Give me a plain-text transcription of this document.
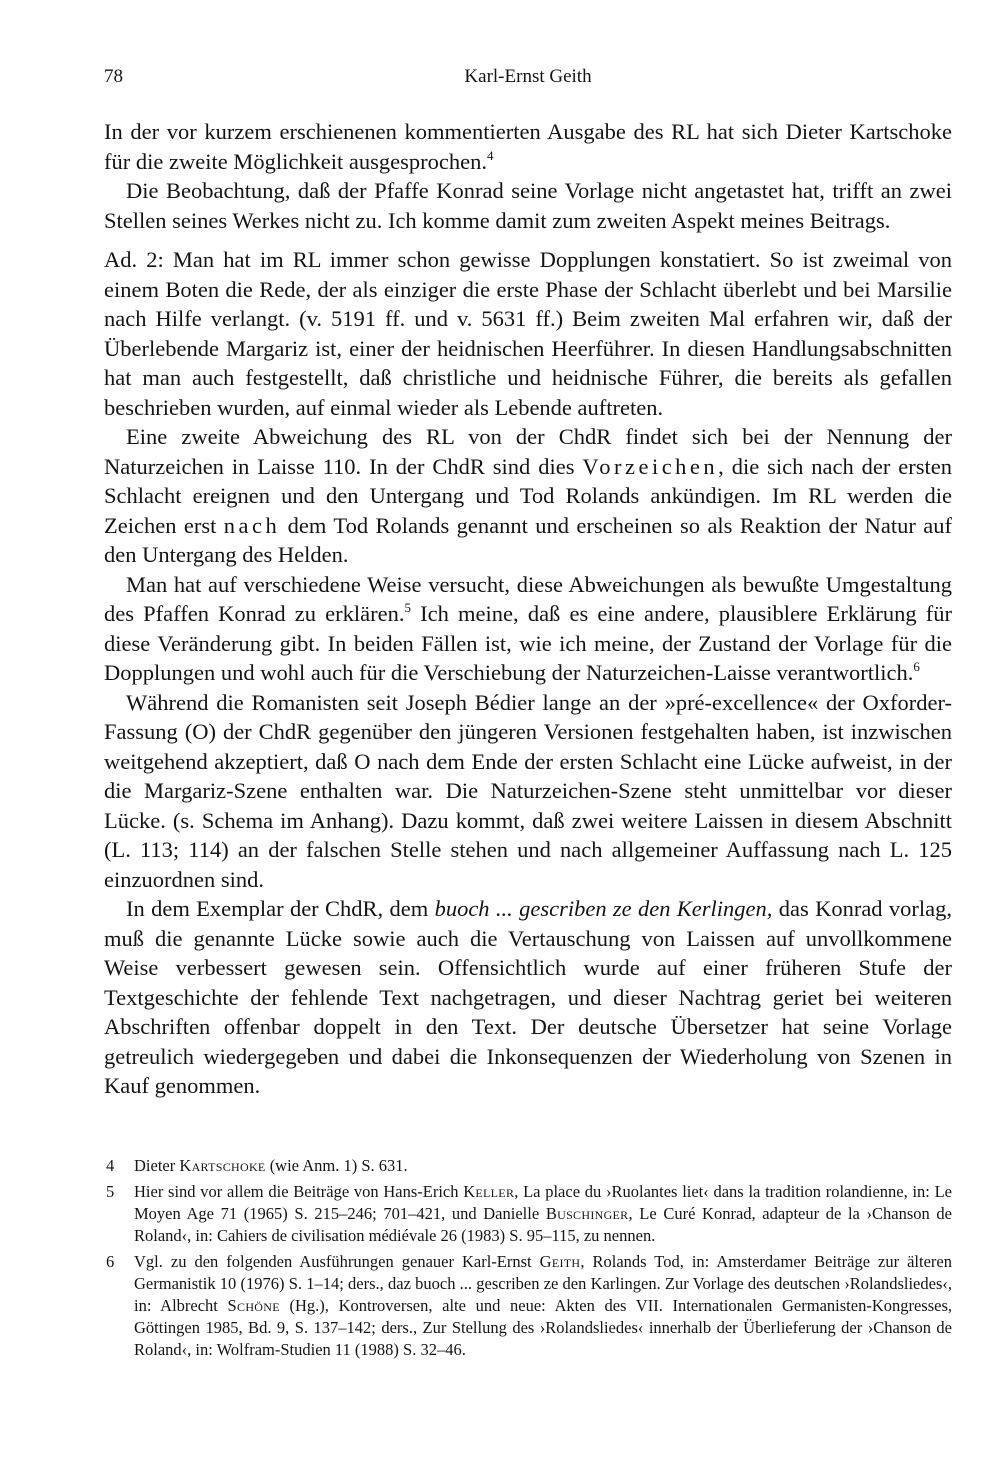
78	Karl-Ernst Geith

In der vor kurzem erschienenen kommentierten Ausgabe des RL hat sich Dieter Kartschoke für die zweite Möglichkeit ausgesprochen.$^4$

Die Beobachtung, daß der Pfaffe Konrad seine Vorlage nicht angetastet hat, trifft an zwei Stellen seines Werkes nicht zu. Ich komme damit zum zweiten Aspekt meines Beitrags.

Ad. 2: Man hat im RL immer schon gewisse Dopplungen konstatiert. So ist zweimal von einem Boten die Rede, der als einziger die erste Phase der Schlacht überlebt und bei Marsilie nach Hilfe verlangt. (v. 5191 ff. und v. 5631 ff.) Beim zweiten Mal erfahren wir, daß der Überlebende Margariz ist, einer der heidnischen Heerführer. In diesen Handlungsabschnitten hat man auch festgestellt, daß christliche und heidnische Führer, die bereits als gefallen beschrieben wurden, auf einmal wieder als Lebende auftreten.

Eine zweite Abweichung des RL von der ChdR findet sich bei der Nennung der Naturzeichen in Laisse 110. In der ChdR sind dies Vorzeichen, die sich nach der ersten Schlacht ereignen und den Untergang und Tod Rolands ankündigen. Im RL werden die Zeichen erst nach dem Tod Rolands genannt und erscheinen so als Reaktion der Natur auf den Untergang des Helden.

Man hat auf verschiedene Weise versucht, diese Abweichungen als bewußte Umgestaltung des Pfaffen Konrad zu erklären.$^5$ Ich meine, daß es eine andere, plausiblere Erklärung für diese Veränderung gibt. In beiden Fällen ist, wie ich meine, der Zustand der Vorlage für die Dopplungen und wohl auch für die Verschiebung der Naturzeichen-Laisse verantwortlich.$^6$

Während die Romanisten seit Joseph Bédier lange an der »pré-excellence« der Oxforder-Fassung (O) der ChdR gegenüber den jüngeren Versionen festgehalten haben, ist inzwischen weitgehend akzeptiert, daß O nach dem Ende der ersten Schlacht eine Lücke aufweist, in der die Margariz-Szene enthalten war. Die Naturzeichen-Szene steht unmittelbar vor dieser Lücke. (s. Schema im Anhang). Dazu kommt, daß zwei weitere Laissen in diesem Abschnitt (L. 113; 114) an der falschen Stelle stehen und nach allgemeiner Auffassung nach L. 125 einzuordnen sind.

In dem Exemplar der ChdR, dem buoch ... gescriben ze den Kerlingen, das Konrad vorlag, muß die genannte Lücke sowie auch die Vertauschung von Laissen auf unvollkommene Weise verbessert gewesen sein. Offensichtlich wurde auf einer früheren Stufe der Textgeschichte der fehlende Text nachgetragen, und dieser Nachtrag geriet bei weiteren Abschriften offenbar doppelt in den Text. Der deutsche Übersetzer hat seine Vorlage getreulich wiedergegeben und dabei die Inkonsequenzen der Wiederholung von Szenen in Kauf genommen.

4 Dieter Kartschoke (wie Anm. 1) S. 631.
5 Hier sind vor allem die Beiträge von Hans-Erich Keller, La place du ›Ruolantes liet‹ dans la tradition rolandienne, in: Le Moyen Age 71 (1965) S. 215–246; 701–421, und Danielle Buschinger, Le Curé Konrad, adapteur de la ›Chanson de Roland‹, in: Cahiers de civilisation médiévale 26 (1983) S. 95–115, zu nennen.
6 Vgl. zu den folgenden Ausführungen genauer Karl-Ernst Geith, Rolands Tod, in: Amsterdamer Beiträge zur älteren Germanistik 10 (1976) S. 1–14; ders., daz buoch ... gescriben ze den Karlingen. Zur Vorlage des deutschen ›Rolandsliedes‹, in: Albrecht Schöne (Hg.), Kontroversen, alte und neue: Akten des VII. Internationalen Germanisten-Kongresses, Göttingen 1985, Bd. 9, S. 137–142; ders., Zur Stellung des ›Rolandsliedes‹ innerhalb der Überlieferung der ›Chanson de Roland‹, in: Wolfram-Studien 11 (1988) S. 32–46.
